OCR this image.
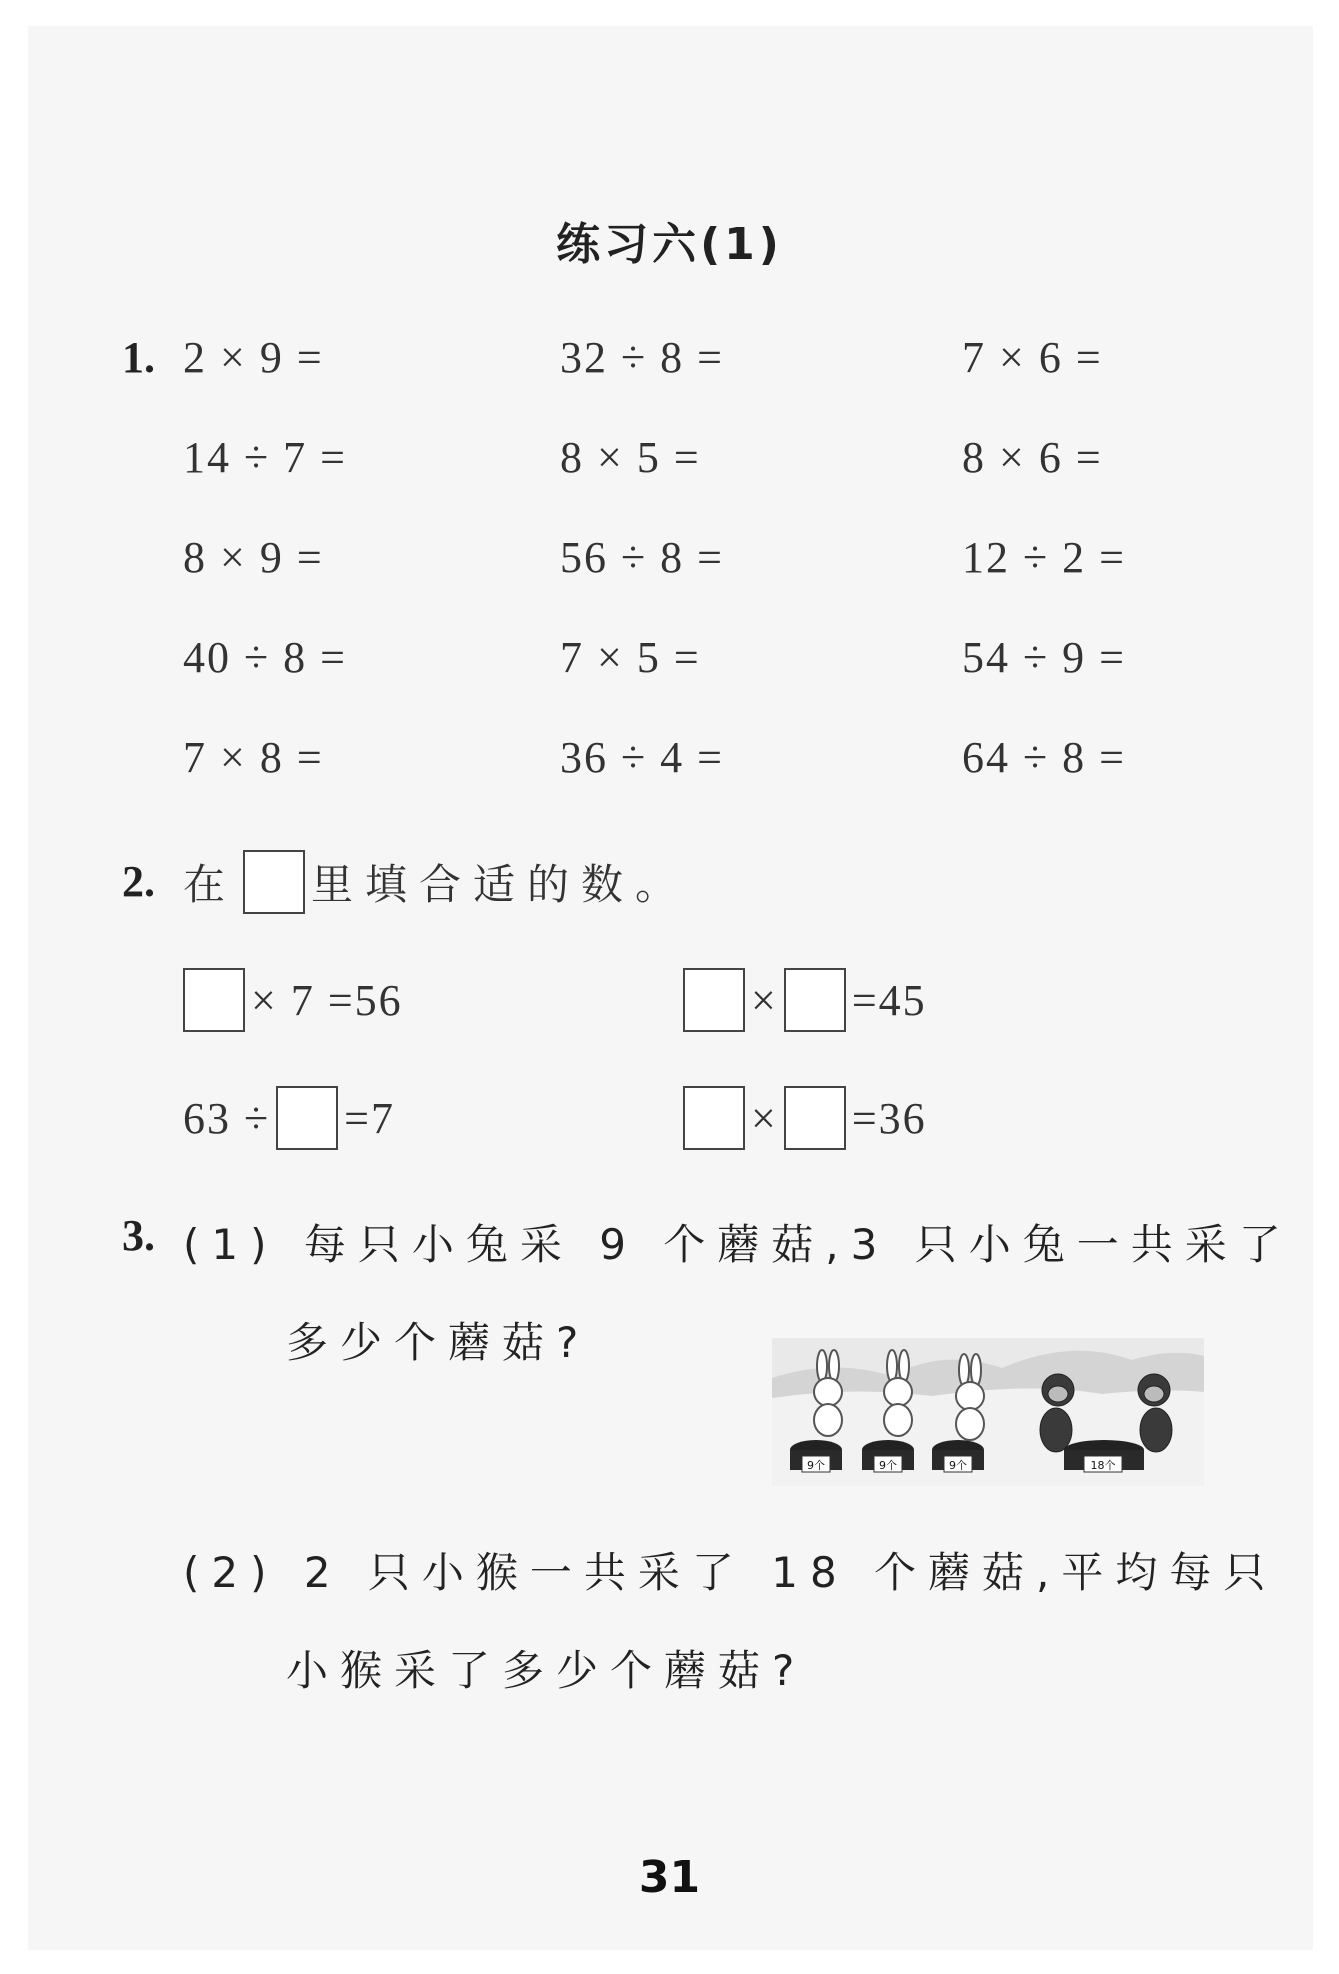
练习六(1)
1. 2 × 9 =	32 ÷ 8 =	7 × 6 =
14 ÷ 7 =	8 × 5 =	8 × 6 =
8 × 9 =	56 ÷ 8 =	12 ÷ 2 =
40 ÷ 8 =	7 × 5 =	54 ÷ 9 =
7 × 8 =	36 ÷ 4 =	64 ÷ 8 =
2. 在 里填合适的数。
× 7 =56	× =45
63 ÷ =7	× =36
3. (1) 每只小兔采 9 个蘑菇,3 只小兔一共采了
多少个蘑菇?
9个	9个	9个	18个
(2) 2 只小猴一共采了 18 个蘑菇,平均每只
小猴采了多少个蘑菇?
31
